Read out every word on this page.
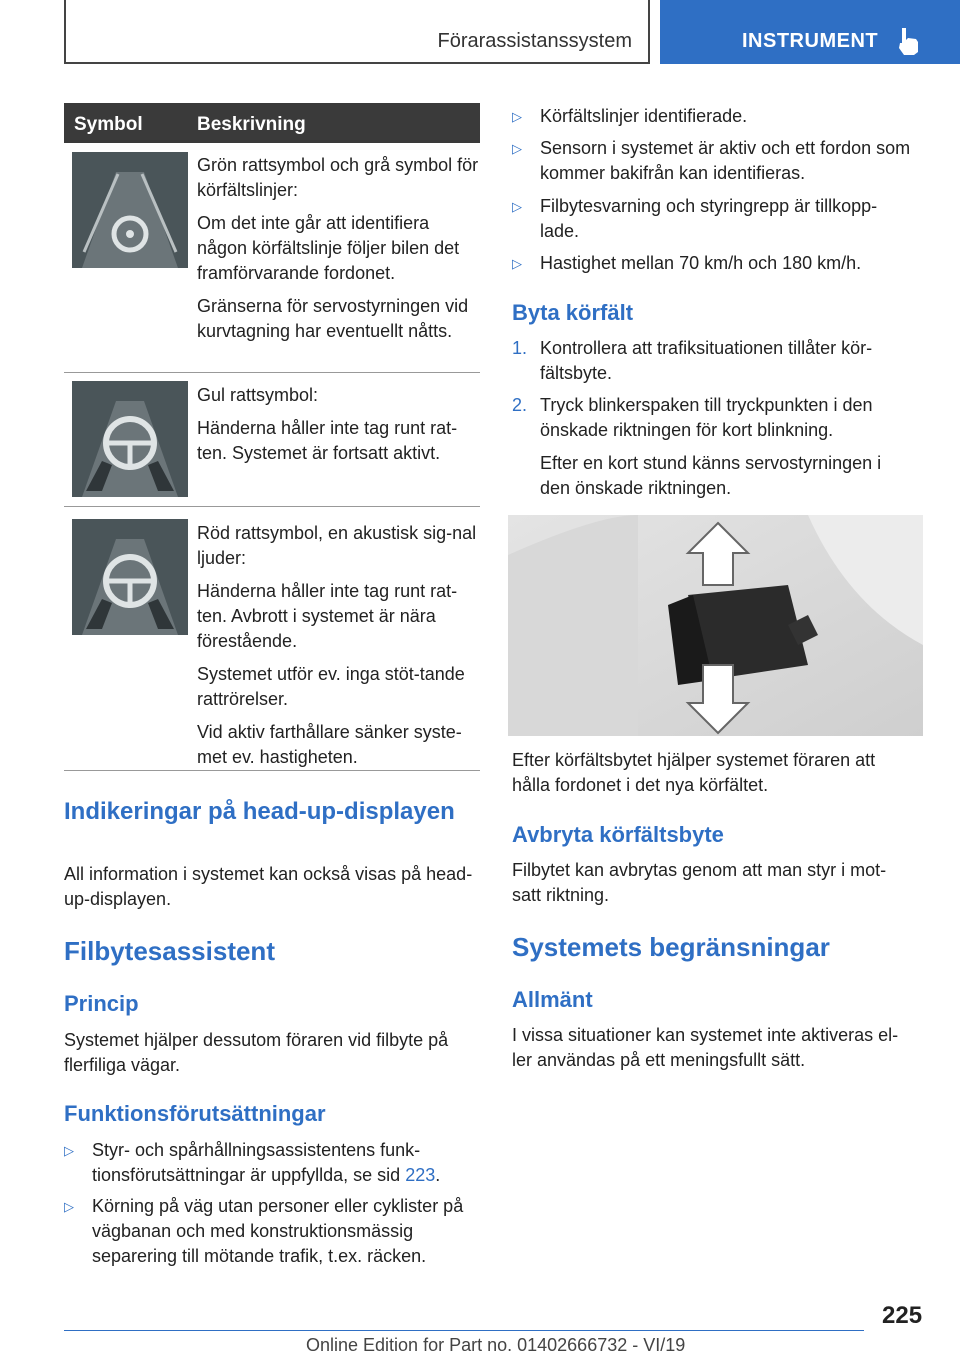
Förarassistanssystem	INSTRUMENT
Symbol	Beskrivning

Grön rattsymbol och grå symbol för körfältslinjer:

Om det inte går att identifiera någon körfältslinje följer bilen det framförvarande fordonet.

Gränserna för servostyrningen vid kurvtagning har eventuellt nåtts.

Gul rattsymbol:

Händerna håller inte tag runt rat-ten. Systemet är fortsatt aktivt.

Röd rattsymbol, en akustisk sig-nal ljuder:

Händerna håller inte tag runt rat-ten. Avbrott i systemet är nära förestående.

Systemet utför ev. inga stöt-tande rattrörelser.

Vid aktiv farthållare sänker syste-met ev. hastigheten.

Indikeringar på head-up-displayen

All information i systemet kan också visas på head-up-displayen.

Filbytesassistent
Princip

Systemet hjälper dessutom föraren vid filbyte på flerfiliga vägar.

Funktionsförutsättningar
▷ Styr- och spårhållningsassistentens funk-tionsförutsättningar är uppfyllda, se sid 223.
▷ Körning på väg utan personer eller cyklister på vägbanan och med konstruktionsmässig separering till mötande trafik, t.ex. räcken.
▷ Körfältslinjer identifierade.
▷ Sensorn i systemet är aktiv och ett fordon som kommer bakifrån kan identifieras.
▷ Filbytesvarning och styringrepp är tillkopp-lade.
▷ Hastighet mellan 70 km/h och 180 km/h.
Byta körfält
1. Kontrollera att trafiksituationen tillåter kör-fältsbyte.
2. Tryck blinkerspaken till tryckpunkten i den önskade riktningen för kort blinkning.

Efter en kort stund känns servostyrningen i den önskade riktningen.

Efter körfältsbytet hjälper systemet föraren att hålla fordonet i det nya körfältet.

Avbryta körfältsbyte

Filbytet kan avbrytas genom att man styr i mot-satt riktning.

Systemets begränsningar
Allmänt

I vissa situationer kan systemet inte aktiveras el-ler användas på ett meningsfullt sätt.

225
Online Edition for Part no. 01402666732 - VI/19
